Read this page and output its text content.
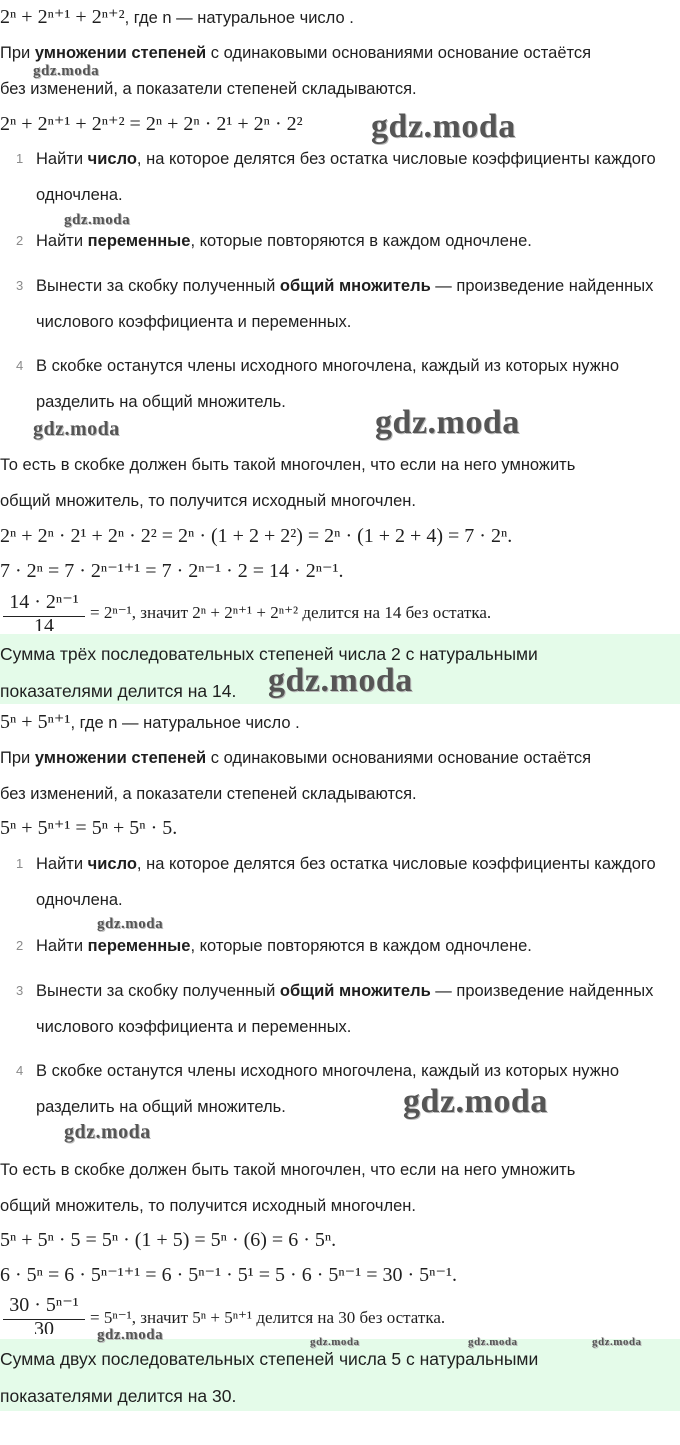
2ⁿ + 2ⁿ⁺¹ + 2ⁿ⁺², где n — натуральное число .
При умножении степеней с одинаковыми основаниями основание остаётся
без изменений, а показатели степеней складываются.
2ⁿ + 2ⁿ⁺¹ + 2ⁿ⁺² = 2ⁿ + 2ⁿ · 2¹ + 2ⁿ · 2²
1 Найти число, на которое делятся без остатка числовые коэффициенты каждого одночлена.
2 Найти переменные, которые повторяются в каждом одночлене.
3 Вынести за скобку полученный общий множитель — произведение найденных числового коэффициента и переменных.
4 В скобке останутся члены исходного многочлена, каждый из которых нужно разделить на общий множитель.
То есть в скобке должен быть такой многочлен, что если на него умножить
общий множитель, то получится исходный многочлен.
2ⁿ + 2ⁿ · 2¹ + 2ⁿ · 2² = 2ⁿ · (1 + 2 + 2²) = 2ⁿ · (1 + 2 + 4) = 7 · 2ⁿ.
7 · 2ⁿ = 7 · 2ⁿ⁻¹⁺¹ = 7 · 2ⁿ⁻¹ · 2 = 14 · 2ⁿ⁻¹.
14 · 2ⁿ⁻¹
14
= 2ⁿ⁻¹, значит 2ⁿ + 2ⁿ⁺¹ + 2ⁿ⁺² делится на 14 без остатка.
Сумма трёх последовательных степеней числа 2 с натуральными
показателями делится на 14.
5ⁿ + 5ⁿ⁺¹, где n — натуральное число .
При умножении степеней с одинаковыми основаниями основание остаётся
без изменений, а показатели степеней складываются.
5ⁿ + 5ⁿ⁺¹ = 5ⁿ + 5ⁿ · 5.
1 Найти число, на которое делятся без остатка числовые коэффициенты каждого одночлена.
2 Найти переменные, которые повторяются в каждом одночлене.
3 Вынести за скобку полученный общий множитель — произведение найденных числового коэффициента и переменных.
4 В скобке останутся члены исходного многочлена, каждый из которых нужно разделить на общий множитель.
То есть в скобке должен быть такой многочлен, что если на него умножить
общий множитель, то получится исходный многочлен.
5ⁿ + 5ⁿ · 5 = 5ⁿ · (1 + 5) = 5ⁿ · (6) = 6 · 5ⁿ.
6 · 5ⁿ = 6 · 5ⁿ⁻¹⁺¹ = 6 · 5ⁿ⁻¹ · 5¹ = 5 · 6 · 5ⁿ⁻¹ = 30 · 5ⁿ⁻¹.
30 · 5ⁿ⁻¹
30
= 5ⁿ⁻¹, значит 5ⁿ + 5ⁿ⁺¹ делится на 30 без остатка.
Сумма двух последовательных степеней числа 5 с натуральными
показателями делится на 30.
gdz.moda
gdz.moda
gdz.moda
gdz.moda	gdz.moda
gdz.moda
gdz.moda
gdz.moda
gdz.moda
gdz.moda	gdz.moda	gdz.moda	gdz.moda
